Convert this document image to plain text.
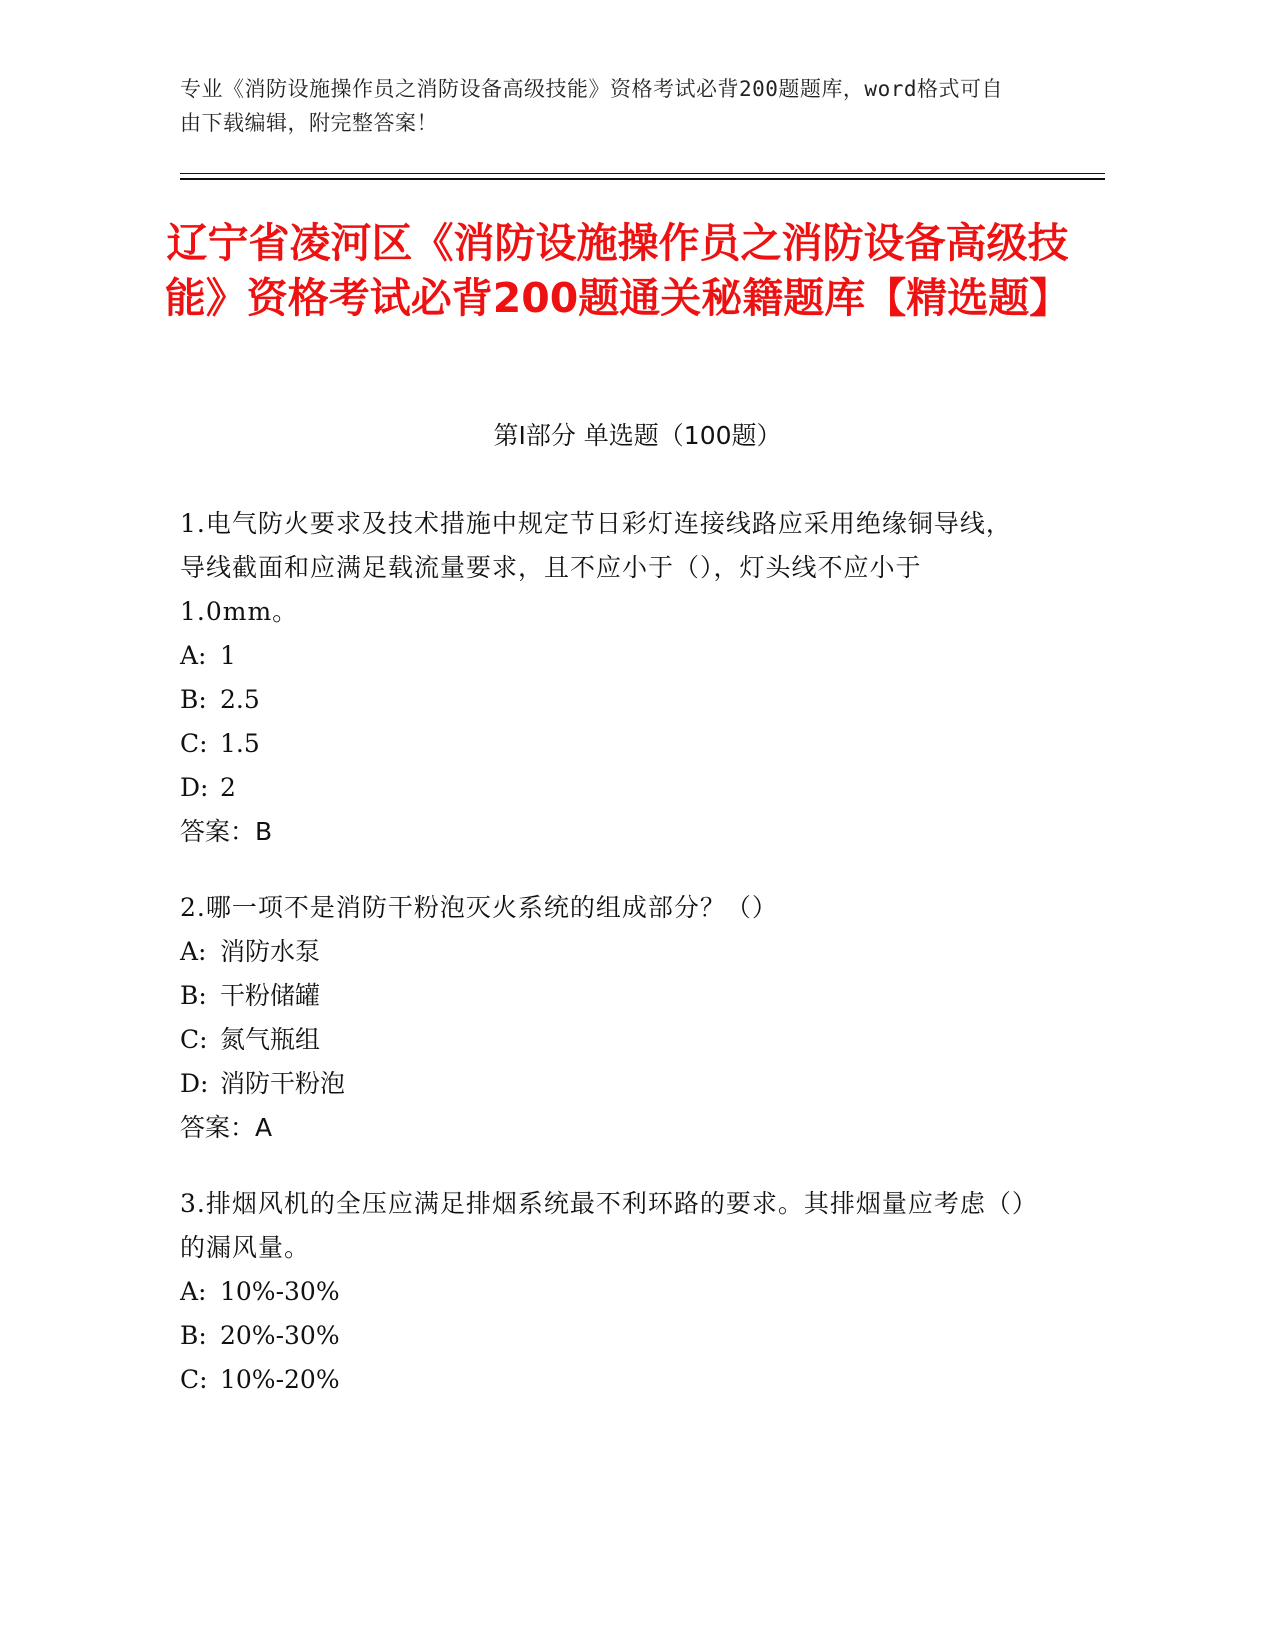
专业《消防设施操作员之消防设备高级技能》资格考试必背200题题库，word格式可自由下载编辑，附完整答案！
辽宁省凌河区《消防设施操作员之消防设备高级技能》资格考试必背200题通关秘籍题库【精选题】
第Ⅰ部分 单选题（100题）
1.电气防火要求及技术措施中规定节日彩灯连接线路应采用绝缘铜导线，导线截面和应满足载流量要求，且不应小于（），灯头线不应小于1.0mm。
A: 1
B: 2.5
C: 1.5
D: 2
答案：B
2.哪一项不是消防干粉泡灭火系统的组成部分？（）
A: 消防水泵
B: 干粉储罐
C: 氮气瓶组
D: 消防干粉泡
答案：A
3.排烟风机的全压应满足排烟系统最不利环路的要求。其排烟量应考虑（）的漏风量。
A: 10%-30%
B: 20%-30%
C: 10%-20%
